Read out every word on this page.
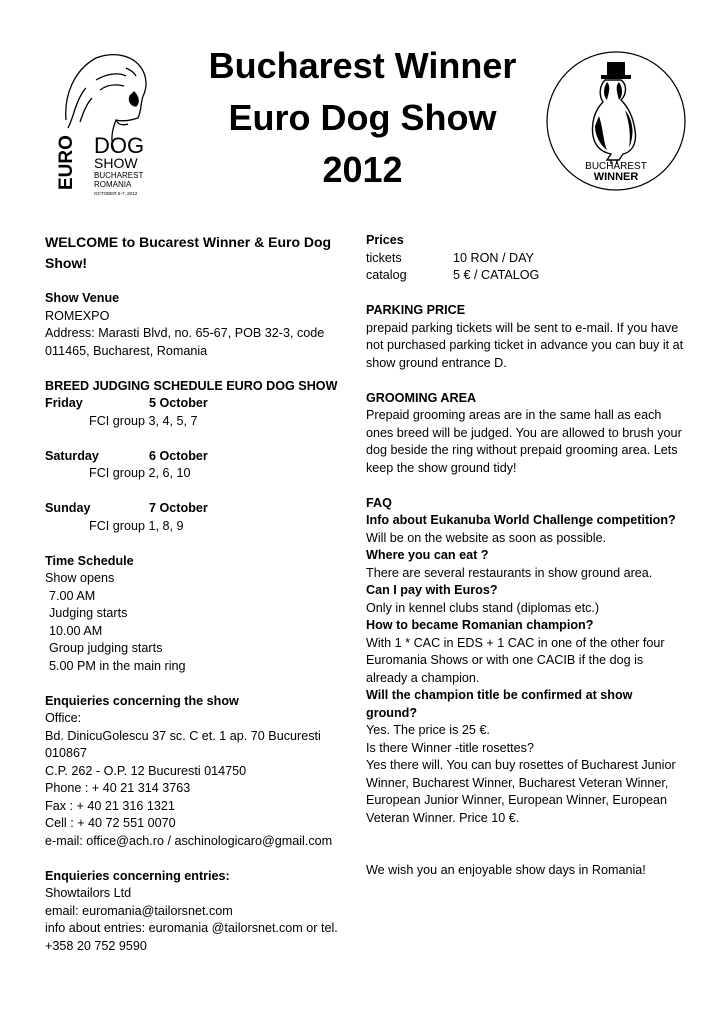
Bucharest Winner
Euro Dog Show
2012
EURO DOG
SHOW
BUCHAREST
ROMANIA
OCTOBER 5-7, 2012
BUCHAREST
WINNER
WELCOME to Bucarest Winner & Euro Dog Show!
Show Venue
ROMEXPO
Address: Marasti Blvd, no. 65-67, POB 32-3, code 011465, Bucharest, Romania
BREED JUDGING SCHEDULE EURO DOG SHOW
Friday	5 October
FCI group 3, 4, 5, 7
Saturday	6 October
FCI group 2, 6, 10
Sunday	7 October
FCI group 1, 8, 9
Time Schedule
Show opens
7.00 AM
Judging starts
10.00 AM
Group judging starts
5.00 PM in the main ring
Enquieries concerning the show
Office:
Bd. DinicuGolescu 37 sc. C et. 1 ap. 70 Bucuresti 010867
C.P. 262 - O.P. 12 Bucuresti 014750
Phone : + 40 21 314 3763
Fax : + 40 21 316 1321
Cell : + 40 72 551 0070
e-mail: office@ach.ro / aschinologicaro@gmail.com
Enquieries concerning entries:
Showtailors Ltd
email: euromania@tailorsnet.com
info about entries: euromania @tailorsnet.com or tel. +358 20 752 9590
Prices
tickets	10 RON / DAY
catalog	5 € / CATALOG
PARKING PRICE
prepaid parking tickets will be sent to e-mail. If you have not purchased parking ticket in advance you can buy it at show ground entrance D.
GROOMING AREA
Prepaid grooming areas are in the same hall as each ones breed will be judged. You are allowed to brush your dog beside the ring without prepaid grooming area. Lets keep the show ground tidy!
FAQ
Info about Eukanuba World Challenge competition?
Will be on the website as soon as possible.
Where you can eat ?
There are several restaurants in show ground area.
Can I pay with Euros?
Only in kennel clubs stand (diplomas etc.)
How to became Romanian champion?
With 1 * CAC in EDS + 1 CAC in one of the other four Euromania Shows or with one CACIB if the dog is already a champion.
Will the champion title be confirmed at show ground?
Yes. The price is 25 €.
Is there Winner -title rosettes?
Yes there will. You can buy rosettes of Bucharest Junior Winner, Bucharest Winner, Bucharest Veteran Winner, European Junior Winner, European Winner, European Veteran Winner. Price 10 €.
We wish you an enjoyable show days in Romania!
